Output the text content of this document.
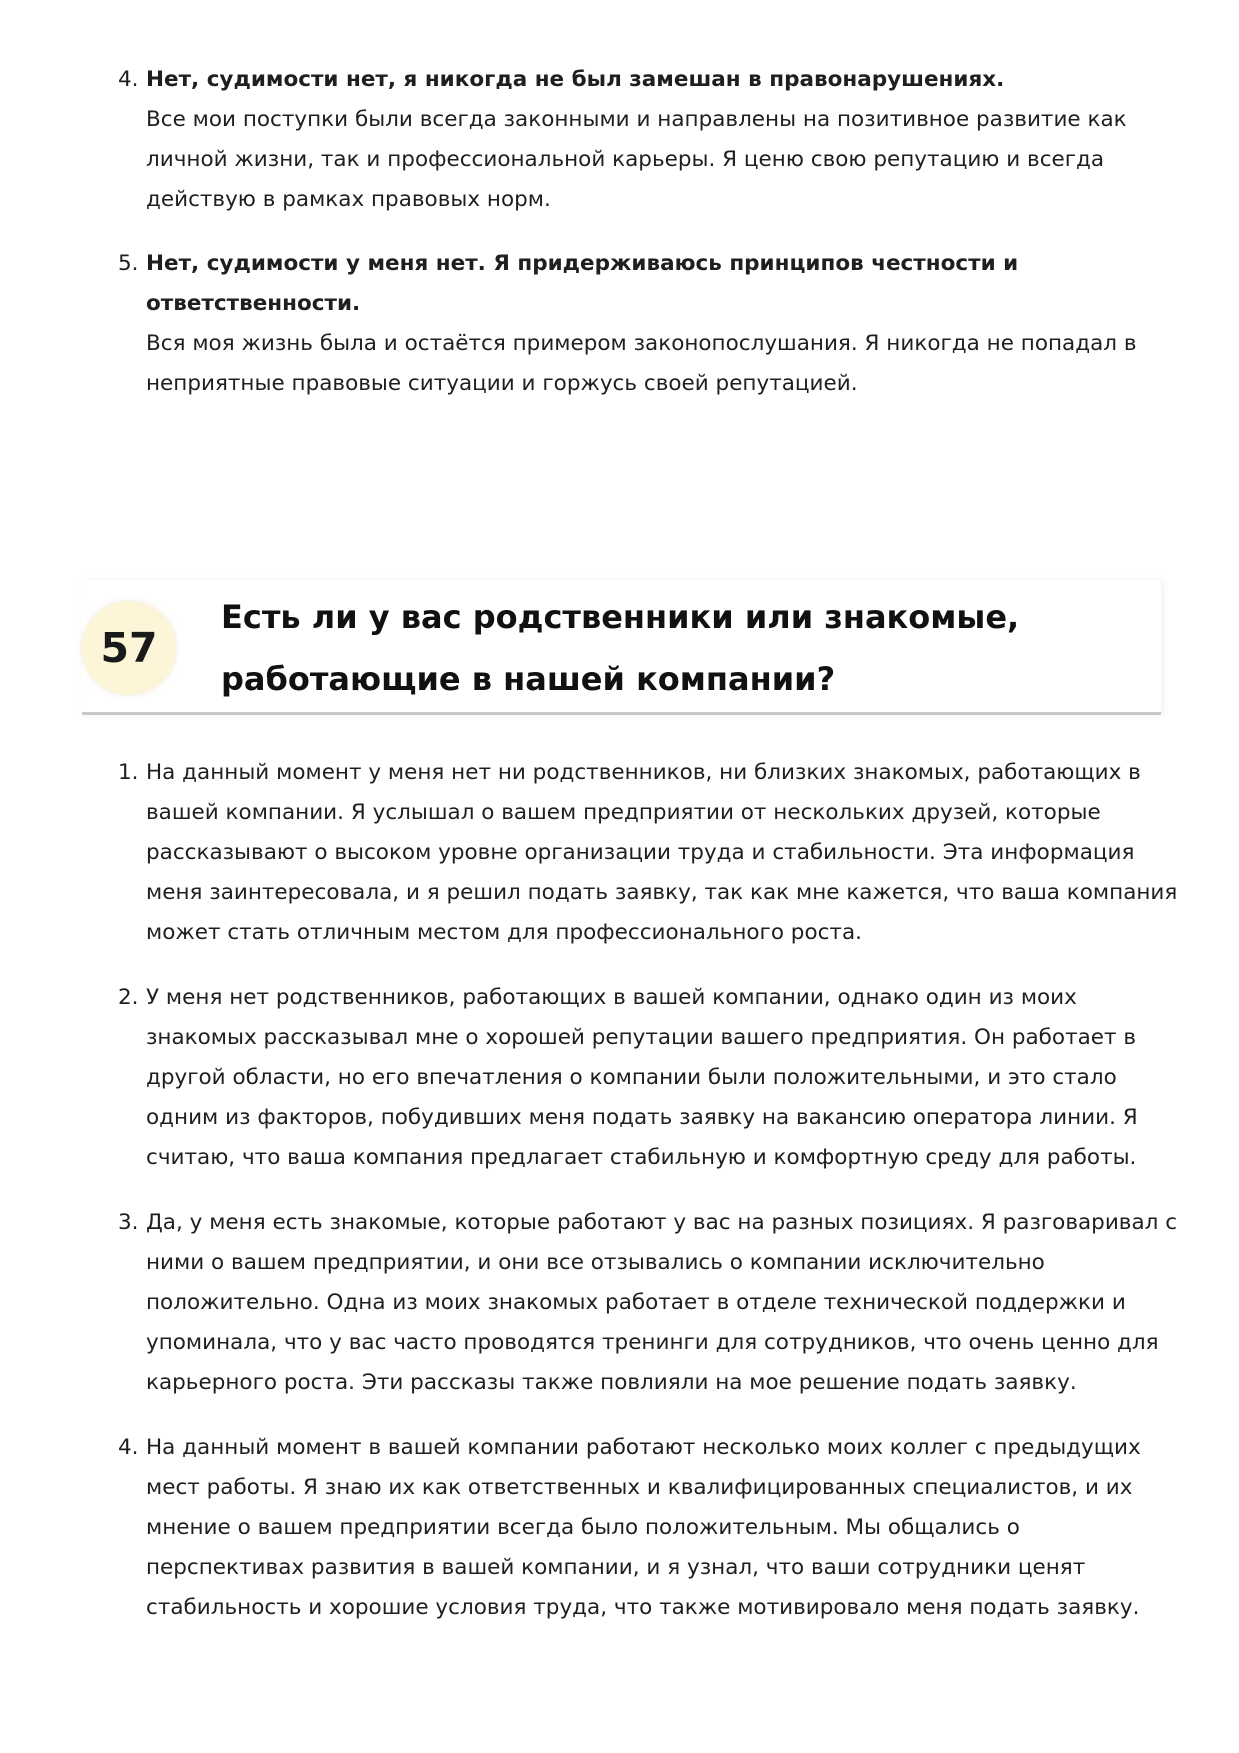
4. Нет, судимости нет, я никогда не был замешан в правонарушениях.
Все мои поступки были всегда законными и направлены на позитивное развитие как личной жизни, так и профессиональной карьеры. Я ценю свою репутацию и всегда действую в рамках правовых норм.
5. Нет, судимости у меня нет. Я придерживаюсь принципов честности и ответственности.
Вся моя жизнь была и остаётся примером законопослушания. Я никогда не попадал в неприятные правовые ситуации и горжусь своей репутацией.
57
Есть ли у вас родственники или знакомые, работающие в нашей компании?
1. На данный момент у меня нет ни родственников, ни близких знакомых, работающих в вашей компании. Я услышал о вашем предприятии от нескольких друзей, которые рассказывают о высоком уровне организации труда и стабильности. Эта информация меня заинтересовала, и я решил подать заявку, так как мне кажется, что ваша компания может стать отличным местом для профессионального роста.
2. У меня нет родственников, работающих в вашей компании, однако один из моих знакомых рассказывал мне о хорошей репутации вашего предприятия. Он работает в другой области, но его впечатления о компании были положительными, и это стало одним из факторов, побудивших меня подать заявку на вакансию оператора линии. Я считаю, что ваша компания предлагает стабильную и комфортную среду для работы.
3. Да, у меня есть знакомые, которые работают у вас на разных позициях. Я разговаривал с ними о вашем предприятии, и они все отзывались о компании исключительно положительно. Одна из моих знакомых работает в отделе технической поддержки и упоминала, что у вас часто проводятся тренинги для сотрудников, что очень ценно для карьерного роста. Эти рассказы также повлияли на мое решение подать заявку.
4. На данный момент в вашей компании работают несколько моих коллег с предыдущих мест работы. Я знаю их как ответственных и квалифицированных специалистов, и их мнение о вашем предприятии всегда было положительным. Мы общались о перспективах развития в вашей компании, и я узнал, что ваши сотрудники ценят стабильность и хорошие условия труда, что также мотивировало меня подать заявку.
